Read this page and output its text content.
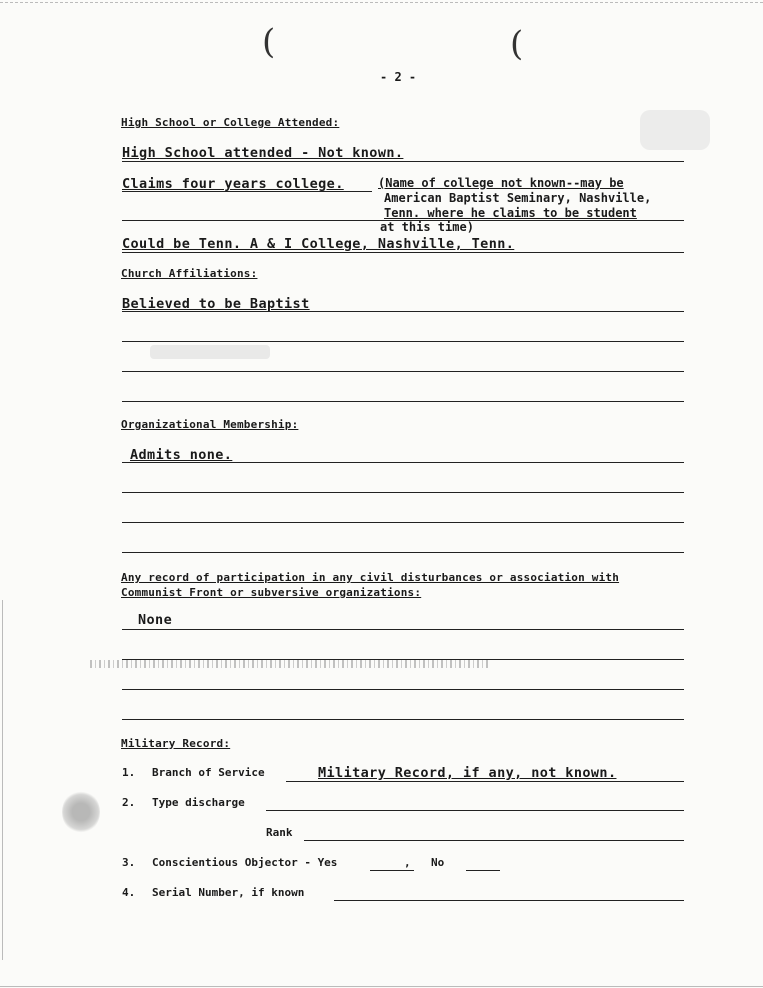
(	(
- 2 -
High School or College Attended:
High School attended - Not known.
Claims four years college.	(Name of college not known--may be
American Baptist Seminary, Nashville,
Tenn. where he claims to be student
at this time)
Could be Tenn. A & I College, Nashville, Tenn.
Church Affiliations:
Believed to be Baptist
Organizational Membership:
Admits none.
Any record of participation in any civil disturbances or association with
Communist Front or subversive organizations:
None
Military Record:
1. Branch of Service	Military Record, if any, not known.
2. Type discharge
Rank
3. Conscientious Objector - Yes	, No
4. Serial Number, if known
